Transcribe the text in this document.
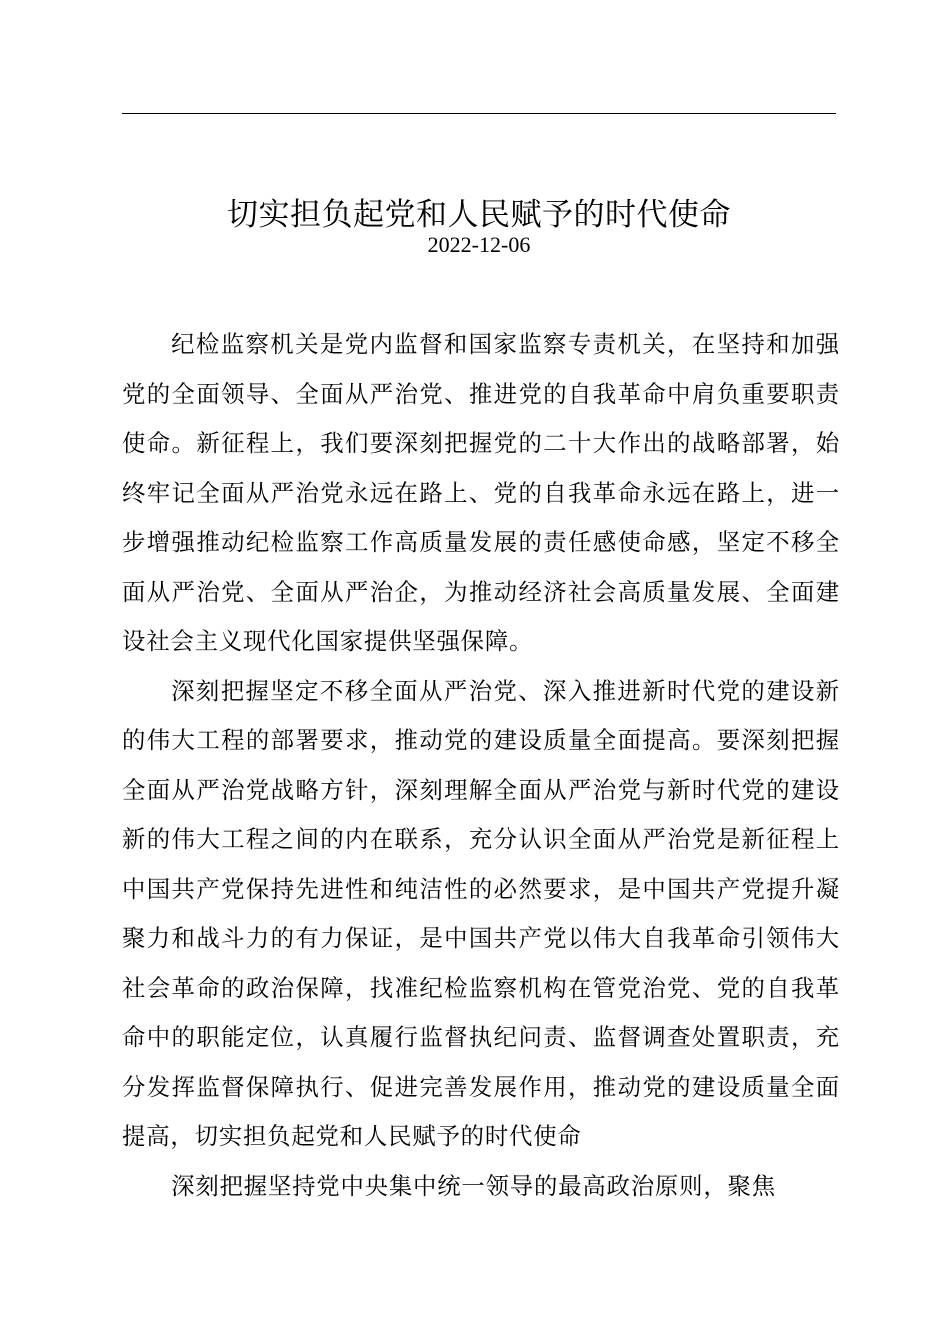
切实担负起党和人民赋予的时代使命
2022-12-06

纪检监察机关是党内监督和国家监察专责机关，在坚持和加强党的全面领导、全面从严治党、推进党的自我革命中肩负重要职责使命。新征程上，我们要深刻把握党的二十大作出的战略部署，始终牢记全面从严治党永远在路上、党的自我革命永远在路上，进一步增强推动纪检监察工作高质量发展的责任感使命感，坚定不移全面从严治党、全面从严治企，为推动经济社会高质量发展、全面建设社会主义现代化国家提供坚强保障。

深刻把握坚定不移全面从严治党、深入推进新时代党的建设新的伟大工程的部署要求，推动党的建设质量全面提高。要深刻把握全面从严治党战略方针，深刻理解全面从严治党与新时代党的建设新的伟大工程之间的内在联系，充分认识全面从严治党是新征程上中国共产党保持先进性和纯洁性的必然要求，是中国共产党提升凝聚力和战斗力的有力保证，是中国共产党以伟大自我革命引领伟大社会革命的政治保障，找准纪检监察机构在管党治党、党的自我革命中的职能定位，认真履行监督执纪问责、监督调查处置职责，充分发挥监督保障执行、促进完善发展作用，推动党的建设质量全面提高，切实担负起党和人民赋予的时代使命

深刻把握坚持党中央集中统一领导的最高政治原则，聚焦
